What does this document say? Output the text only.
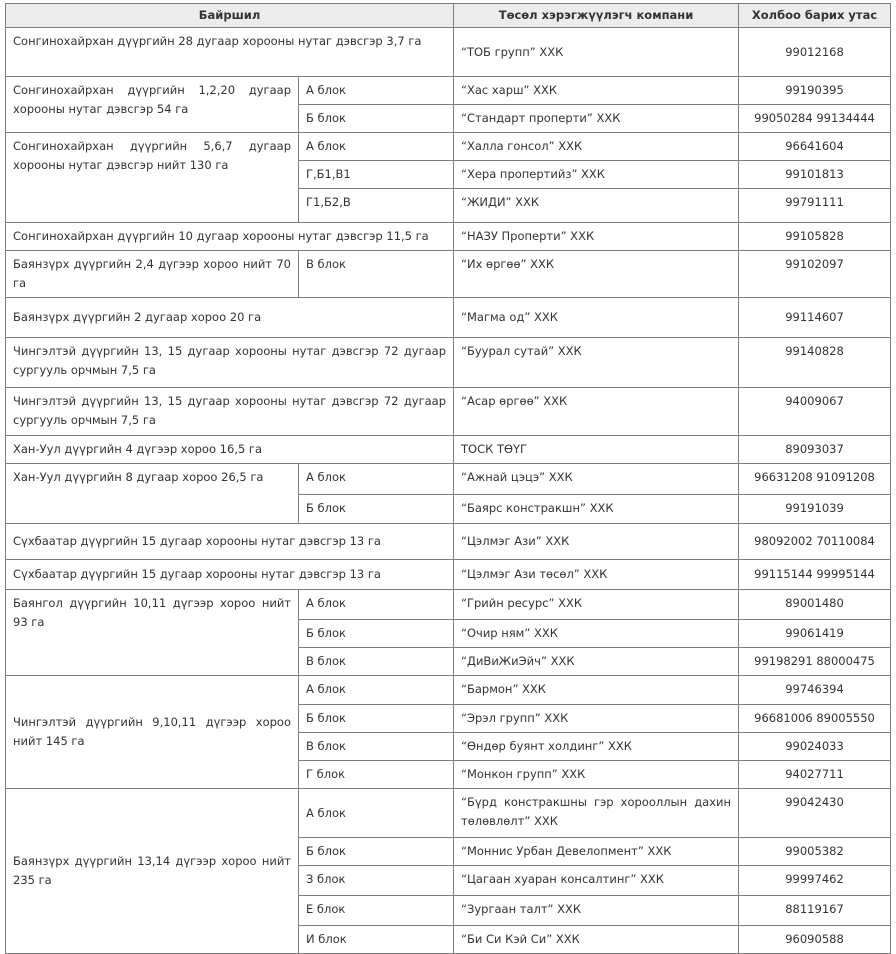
Байршил		Төсөл хэрэгжүүлэгч компани	Холбоо барих утас
Сонгинохайрхан дүүргийн 28 дугаар хорооны нутаг дэвсгэр 3,7 га		“ТОБ групп” ХХК	99012168
Сонгинохайрхан дүүргийн 1,2,20 дугаар хорооны нутаг дэвсгэр 54 га	А блок	“Хас харш” ХХК	99190395
	Б блок	“Стандарт проперти” ХХК	99050284 99134444
Сонгинохайрхан дүүргийн 5,6,7 дугаар хорооны нутаг дэвсгэр нийт 130 га	А блок	“Халла гонсол” ХХК	96641604
	Г,Б1,В1	“Хера пропертийз” ХХК	99101813
	Г1,Б2,В	“ЖИДИ” ХХК	99791111
Сонгинохайрхан дүүргийн 10 дугаар хорооны нутаг дэвсгэр 11,5 га		“НАЗУ Проперти” ХХК	99105828
Баянзүрх дүүргийн 2,4 дүгээр хороо нийт 70 га	В блок	“Их өргөө” ХХК	99102097
Баянзүрх дүүргийн 2 дугаар хороо 20 га		“Магма од” ХХК	99114607
Чингэлтэй дүүргийн 13, 15 дугаар хорооны нутаг дэвсгэр 72 дугаар сургууль орчмын 7,5 га		“Буурал сутай” ХХК	99140828
Чингэлтэй дүүргийн 13, 15 дугаар хорооны нутаг дэвсгэр 72 дугаар сургууль орчмын 7,5 га		“Асар өргөө” ХХК	94009067
Хан-Уул дүүргийн 4 дүгээр хороо 16,5 га		ТОСК ТӨҮГ	89093037
Хан-Уул дүүргийн 8 дугаар хороо 26,5 га	А блок	“Ажнай цэцэ” ХХК	96631208 91091208
	Б блок	“Баярс констракшн” ХХК	99191039
Сүхбаатар дүүргийн 15 дугаар хорооны нутаг дэвсгэр 13 га		“Цэлмэг Ази” ХХК	98092002 70110084
Сүхбаатар дүүргийн 15 дугаар хорооны нутаг дэвсгэр 13 га		“Цэлмэг Ази төсөл” ХХК	99115144 99995144
Баянгол дүүргийн 10,11 дүгээр хороо нийт 93 га	А блок	“Грийн ресурс” ХХК	89001480
	Б блок	“Очир ням” ХХК	99061419
	В блок	“ДиВиЖиЭйч” ХХК	99198291 88000475
Чингэлтэй дүүргийн 9,10,11 дүгээр хороо нийт 145 га	А блок	“Бармон” ХХК	99746394
	Б блок	“Эрэл групп” ХХК	96681006 89005550
	В блок	“Өндөр буянт холдинг” ХХК	99024033
	Г блок	“Монкон групп” ХХК	94027711
Баянзүрх дүүргийн 13,14 дүгээр хороо нийт 235 га	А блок	“Бүрд констракшны гэр хорооллын дахин төлөвлөлт” ХХК	99042430
	Б блок	“Моннис Урбан Девелопмент” ХХК	99005382
	З блок	“Цагаан хуаран консалтинг” ХХК	99997462
	Е блок	“Зургаан талт” ХХК	88119167
	И блок	“Би Си Кэй Си” ХХК	96090588
